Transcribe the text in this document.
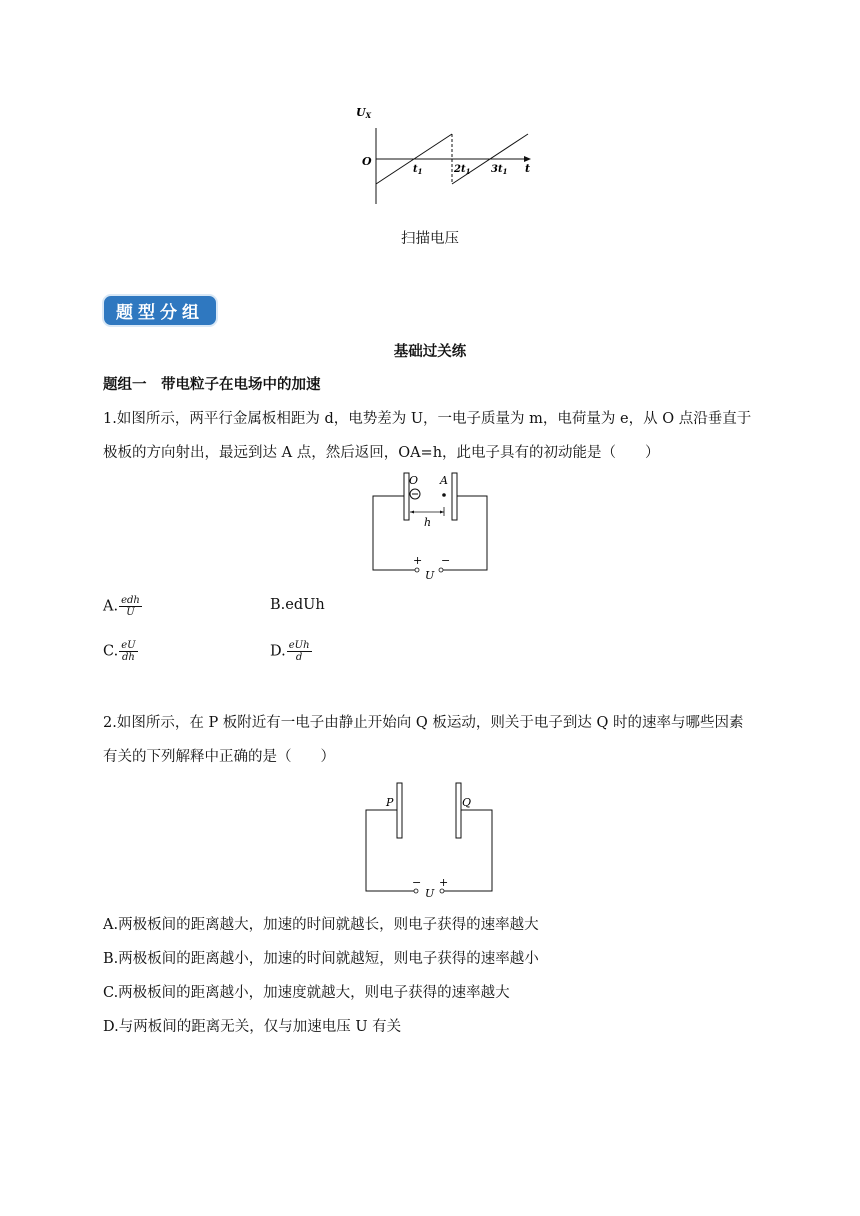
UX
O
t
$t_1$	$2t_1$ $3t_1$
扫描电压
题型分组
基础过关练
题组一　带电粒子在电场中的加速
1.如图所示，两平行金属板相距为 d，电势差为 U，一电子质量为 m，电荷量为 e，从 O 点沿垂直于
极板的方向射出，最远到达 A 点，然后返回，OA=h，此电子具有的初动能是（　　）
O A
h
+ −
U
A. $\frac{\text{edh}}{U}$	B.edUh
C. $\frac{eU}{dh}$	D. $\frac{\text{eUh}}{d}$
2.如图所示，在 P 板附近有一电子由静止开始向 Q 板运动，则关于电子到达 Q 时的速率与哪些因素
有关的下列解释中正确的是（　　）
P	Q
−
U
+
A.两极板间的距离越大，加速的时间就越长，则电子获得的速率越大
B.两极板间的距离越小，加速的时间就越短，则电子获得的速率越小
C.两极板间的距离越小，加速度就越大，则电子获得的速率越大
D.与两板间的距离无关，仅与加速电压 U 有关
